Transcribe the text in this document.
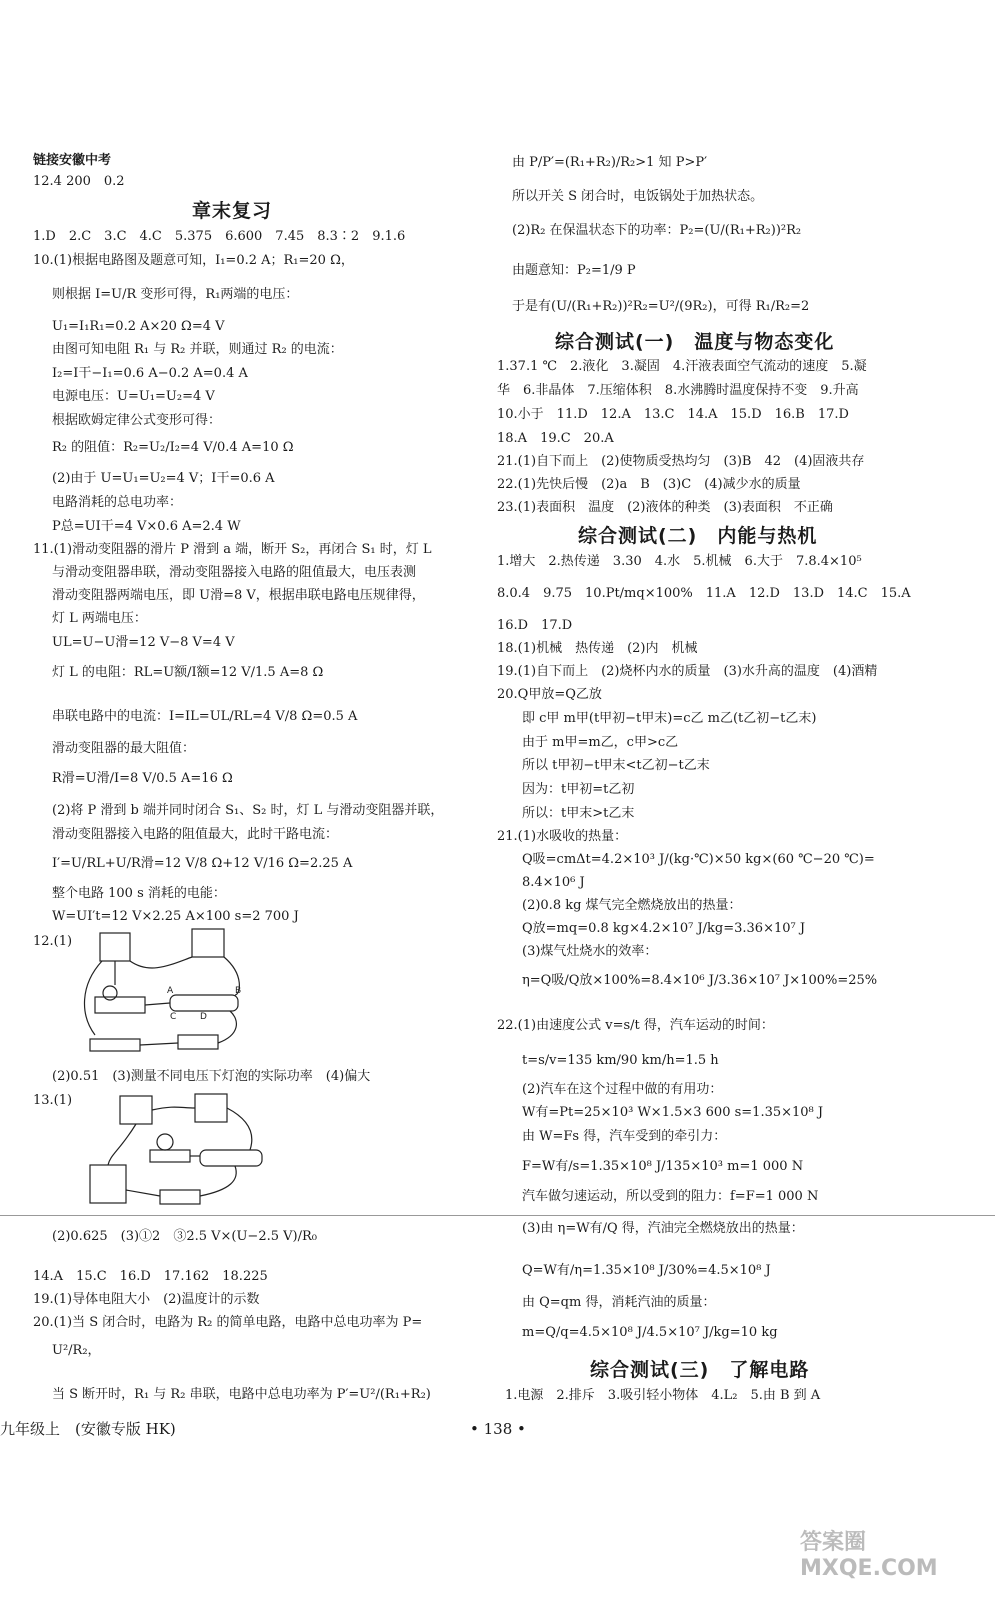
链接安徽中考
12.4 200　0.2
章末复习
1.D　2.C　3.C　4.C　5.375　6.600　7.45　8.3∶2　9.1.6
10.(1)根据电路图及题意可知，I₁=0.2 A；R₁=20 Ω，
则根据 I=U/R 变形可得，R₁两端的电压：
U₁=I₁R₁=0.2 A×20 Ω=4 V
由图可知电阻 R₁ 与 R₂ 并联，则通过 R₂ 的电流：
I₂=I干−I₁=0.6 A−0.2 A=0.4 A
电源电压：U=U₁=U₂=4 V
根据欧姆定律公式变形可得：
R₂ 的阻值：R₂=U₂/I₂=4 V/0.4 A=10 Ω
(2)由于 U=U₁=U₂=4 V；I干=0.6 A
电路消耗的总电功率：
P总=UI干=4 V×0.6 A=2.4 W
11.(1)滑动变阻器的滑片 P 滑到 a 端，断开 S₂，再闭合 S₁ 时，灯 L
与滑动变阻器串联，滑动变阻器接入电路的阻值最大，电压表测
滑动变阻器两端电压，即 U滑=8 V，根据串联电路电压规律得，
灯 L 两端电压：
UL=U−U滑=12 V−8 V=4 V
灯 L 的电阻：RL=U额/I额=12 V/1.5 A=8 Ω
串联电路中的电流：I=IL=UL/RL=4 V/8 Ω=0.5 A
滑动变阻器的最大阻值：
R滑=U滑/I=8 V/0.5 A=16 Ω
(2)将 P 滑到 b 端并同时闭合 S₁、S₂ 时，灯 L 与滑动变阻器并联，
滑动变阻器接入电路的阻值最大，此时干路电流：
I′=U/RL+U/R滑=12 V/8 Ω+12 V/16 Ω=2.25 A
整个电路 100 s 消耗的电能：
W=UI′t=12 V×2.25 A×100 s=2 700 J
12.(1)
A
C	D
B
(2)0.51　(3)测量不同电压下灯泡的实际功率　(4)偏大
13.(1)
(2)0.625　(3)①2　③2.5 V×(U−2.5 V)/R₀
14.A　15.C　16.D　17.162　18.225
19.(1)导体电阻大小　(2)温度计的示数
20.(1)当 S 闭合时，电路为 R₂ 的简单电路，电路中总电功率为 P=
U²/R₂，
当 S 断开时，R₁ 与 R₂ 串联，电路中总电功率为 P′=U²/(R₁+R₂)
九年级上　(安徽专版 HK)
由 P/P′=(R₁+R₂)/R₂>1 知 P>P′
所以开关 S 闭合时，电饭锅处于加热状态。
(2)R₂ 在保温状态下的功率：P₂=(U/(R₁+R₂))²R₂
由题意知：P₂=1/9 P
于是有(U/(R₁+R₂))²R₂=U²/(9R₂)，可得 R₁/R₂=2
综合测试(一)　温度与物态变化
1.37.1 ℃　2.液化　3.凝固　4.汗液表面空气流动的速度　5.凝
华　6.非晶体　7.压缩体积　8.水沸腾时温度保持不变　9.升高
10.小于　11.D　12.A　13.C　14.A　15.D　16.B　17.D
18.A　19.C　20.A
21.(1)自下而上　(2)使物质受热均匀　(3)B　42　(4)固液共存
22.(1)先快后慢　(2)a　B　(3)C　(4)减少水的质量
23.(1)表面积　温度　(2)液体的种类　(3)表面积　不正确
综合测试(二)　内能与热机
1.增大　2.热传递　3.30　4.水　5.机械　6.大于　7.8.4×10⁵
8.0.4　9.75　10.Pt/mq×100%　11.A　12.D　13.D　14.C　15.A
16.D　17.D
18.(1)机械　热传递　(2)内　机械
19.(1)自下而上　(2)烧杯内水的质量　(3)水升高的温度　(4)酒精
20.Q甲放=Q乙放
即 c甲 m甲(t甲初−t甲末)=c乙 m乙(t乙初−t乙末)
由于 m甲=m乙，c甲>c乙
所以 t甲初−t甲末<t乙初−t乙末
因为：t甲初=t乙初
所以：t甲末>t乙末
21.(1)水吸收的热量：
Q吸=cmΔt=4.2×10³ J/(kg·℃)×50 kg×(60 ℃−20 ℃)=
8.4×10⁶ J
(2)0.8 kg 煤气完全燃烧放出的热量：
Q放=mq=0.8 kg×4.2×10⁷ J/kg=3.36×10⁷ J
(3)煤气灶烧水的效率：
η=Q吸/Q放×100%=8.4×10⁶ J/3.36×10⁷ J×100%=25%
22.(1)由速度公式 v=s/t 得，汽车运动的时间：
t=s/v=135 km/90 km/h=1.5 h
(2)汽车在这个过程中做的有用功：
W有=Pt=25×10³ W×1.5×3 600 s=1.35×10⁸ J
由 W=Fs 得，汽车受到的牵引力：
F=W有/s=1.35×10⁸ J/135×10³ m=1 000 N
汽车做匀速运动，所以受到的阻力：f=F=1 000 N
(3)由 η=W有/Q 得，汽油完全燃烧放出的热量：
Q=W有/η=1.35×10⁸ J/30%=4.5×10⁸ J
由 Q=qm 得，消耗汽油的质量：
m=Q/q=4.5×10⁸ J/4.5×10⁷ J/kg=10 kg
综合测试(三)　了解电路
1.电源　2.排斥　3.吸引轻小物体　4.L₂　5.由 B 到 A
• 138 •
答案圈 MXQE.COM
